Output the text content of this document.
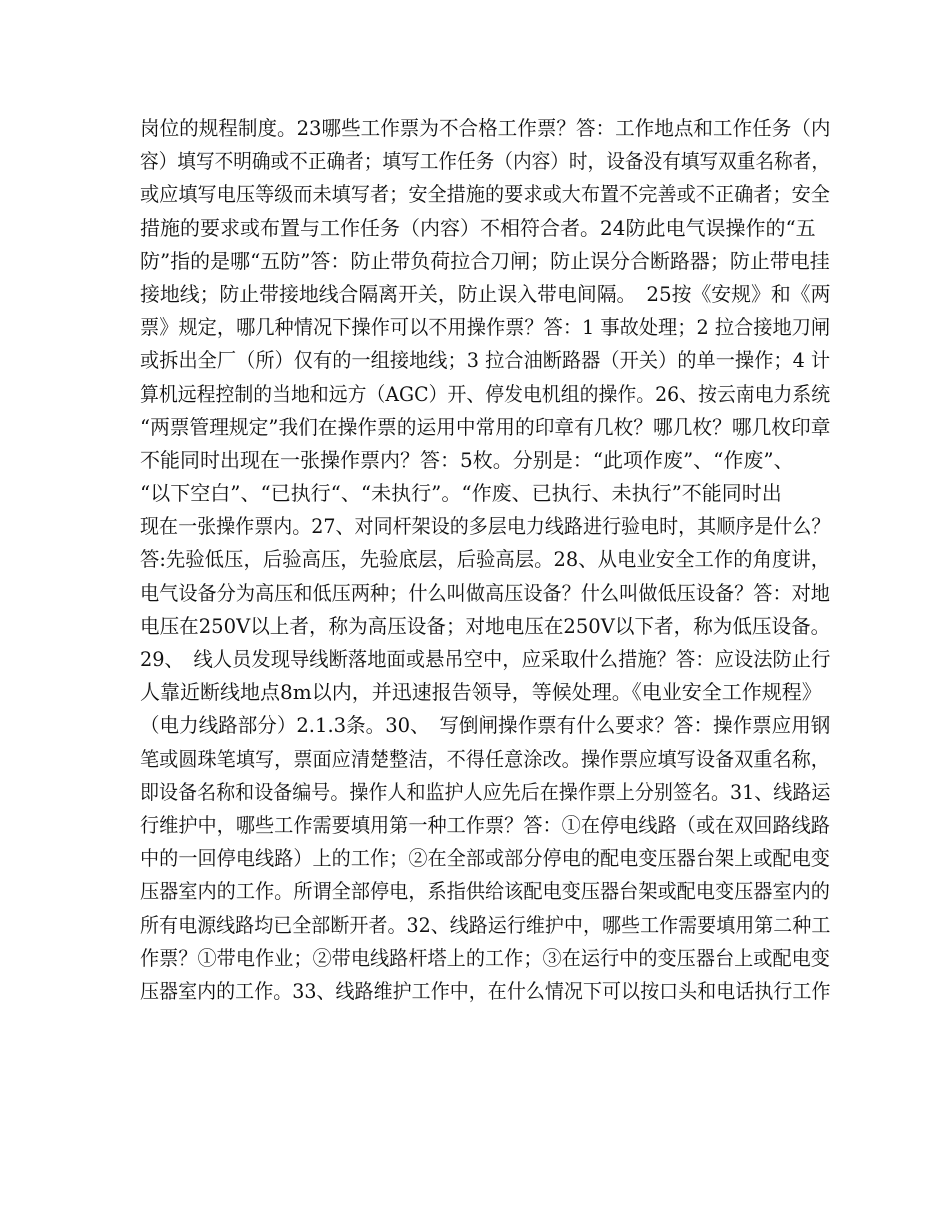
岗位的规程制度。23哪些工作票为不合格工作票？答：工作地点和工作任务（内
容）填写不明确或不正确者；填写工作任务（内容）时，设备没有填写双重名称者，
或应填写电压等级而未填写者；安全措施的要求或大布置不完善或不正确者；安全
措施的要求或布置与工作任务（内容）不相符合者。24防此电气误操作的“五
防”指的是哪“五防”答：防止带负荷拉合刀闸；防止误分合断路器；防止带电挂
接地线；防止带接地线合隔离开关，防止误入带电间隔。　25按《安规》和《两
票》规定，哪几种情况下操作可以不用操作票？答：1 事故处理；2 拉合接地刀闸
或拆出全厂（所）仅有的一组接地线；3 拉合油断路器（开关）的单一操作；4 计
算机远程控制的当地和远方（AGC）开、停发电机组的操作。26、按云南电力系统
“两票管理规定”我们在操作票的运用中常用的印章有几枚？哪几枚？哪几枚印章
不能同时出现在一张操作票内？答：5枚。分别是：“此项作废”、“作废”、
“以下空白”、“已执行“、“未执行”。“作废、已执行、未执行”不能同时出
现在一张操作票内。27、对同杆架设的多层电力线路进行验电时，其顺序是什么？
答:先验低压，后验高压，先验底层，后验高层。28、从电业安全工作的角度讲，
电气设备分为高压和低压两种；什么叫做高压设备？什么叫做低压设备？答：对地
电压在250V以上者，称为高压设备；对地电压在250V以下者，称为低压设备。
29、　线人员发现导线断落地面或悬吊空中，应采取什么措施？答：应设法防止行
人靠近断线地点8m以内，并迅速报告领导，等候处理。《电业安全工作规程》
（电力线路部分）2.1.3条。30、　写倒闸操作票有什么要求？答：操作票应用钢
笔或圆珠笔填写，票面应清楚整洁，不得任意涂改。操作票应填写设备双重名称，
即设备名称和设备编号。操作人和监护人应先后在操作票上分别签名。31、线路运
行维护中，哪些工作需要填用第一种工作票？答：①在停电线路（或在双回路线路
中的一回停电线路）上的工作；②在全部或部分停电的配电变压器台架上或配电变
压器室内的工作。所谓全部停电，系指供给该配电变压器台架或配电变压器室内的
所有电源线路均已全部断开者。32、线路运行维护中，哪些工作需要填用第二种工
作票？①带电作业；②带电线路杆塔上的工作；③在运行中的变压器台上或配电变
压器室内的工作。33、线路维护工作中，在什么情况下可以按口头和电话执行工作
